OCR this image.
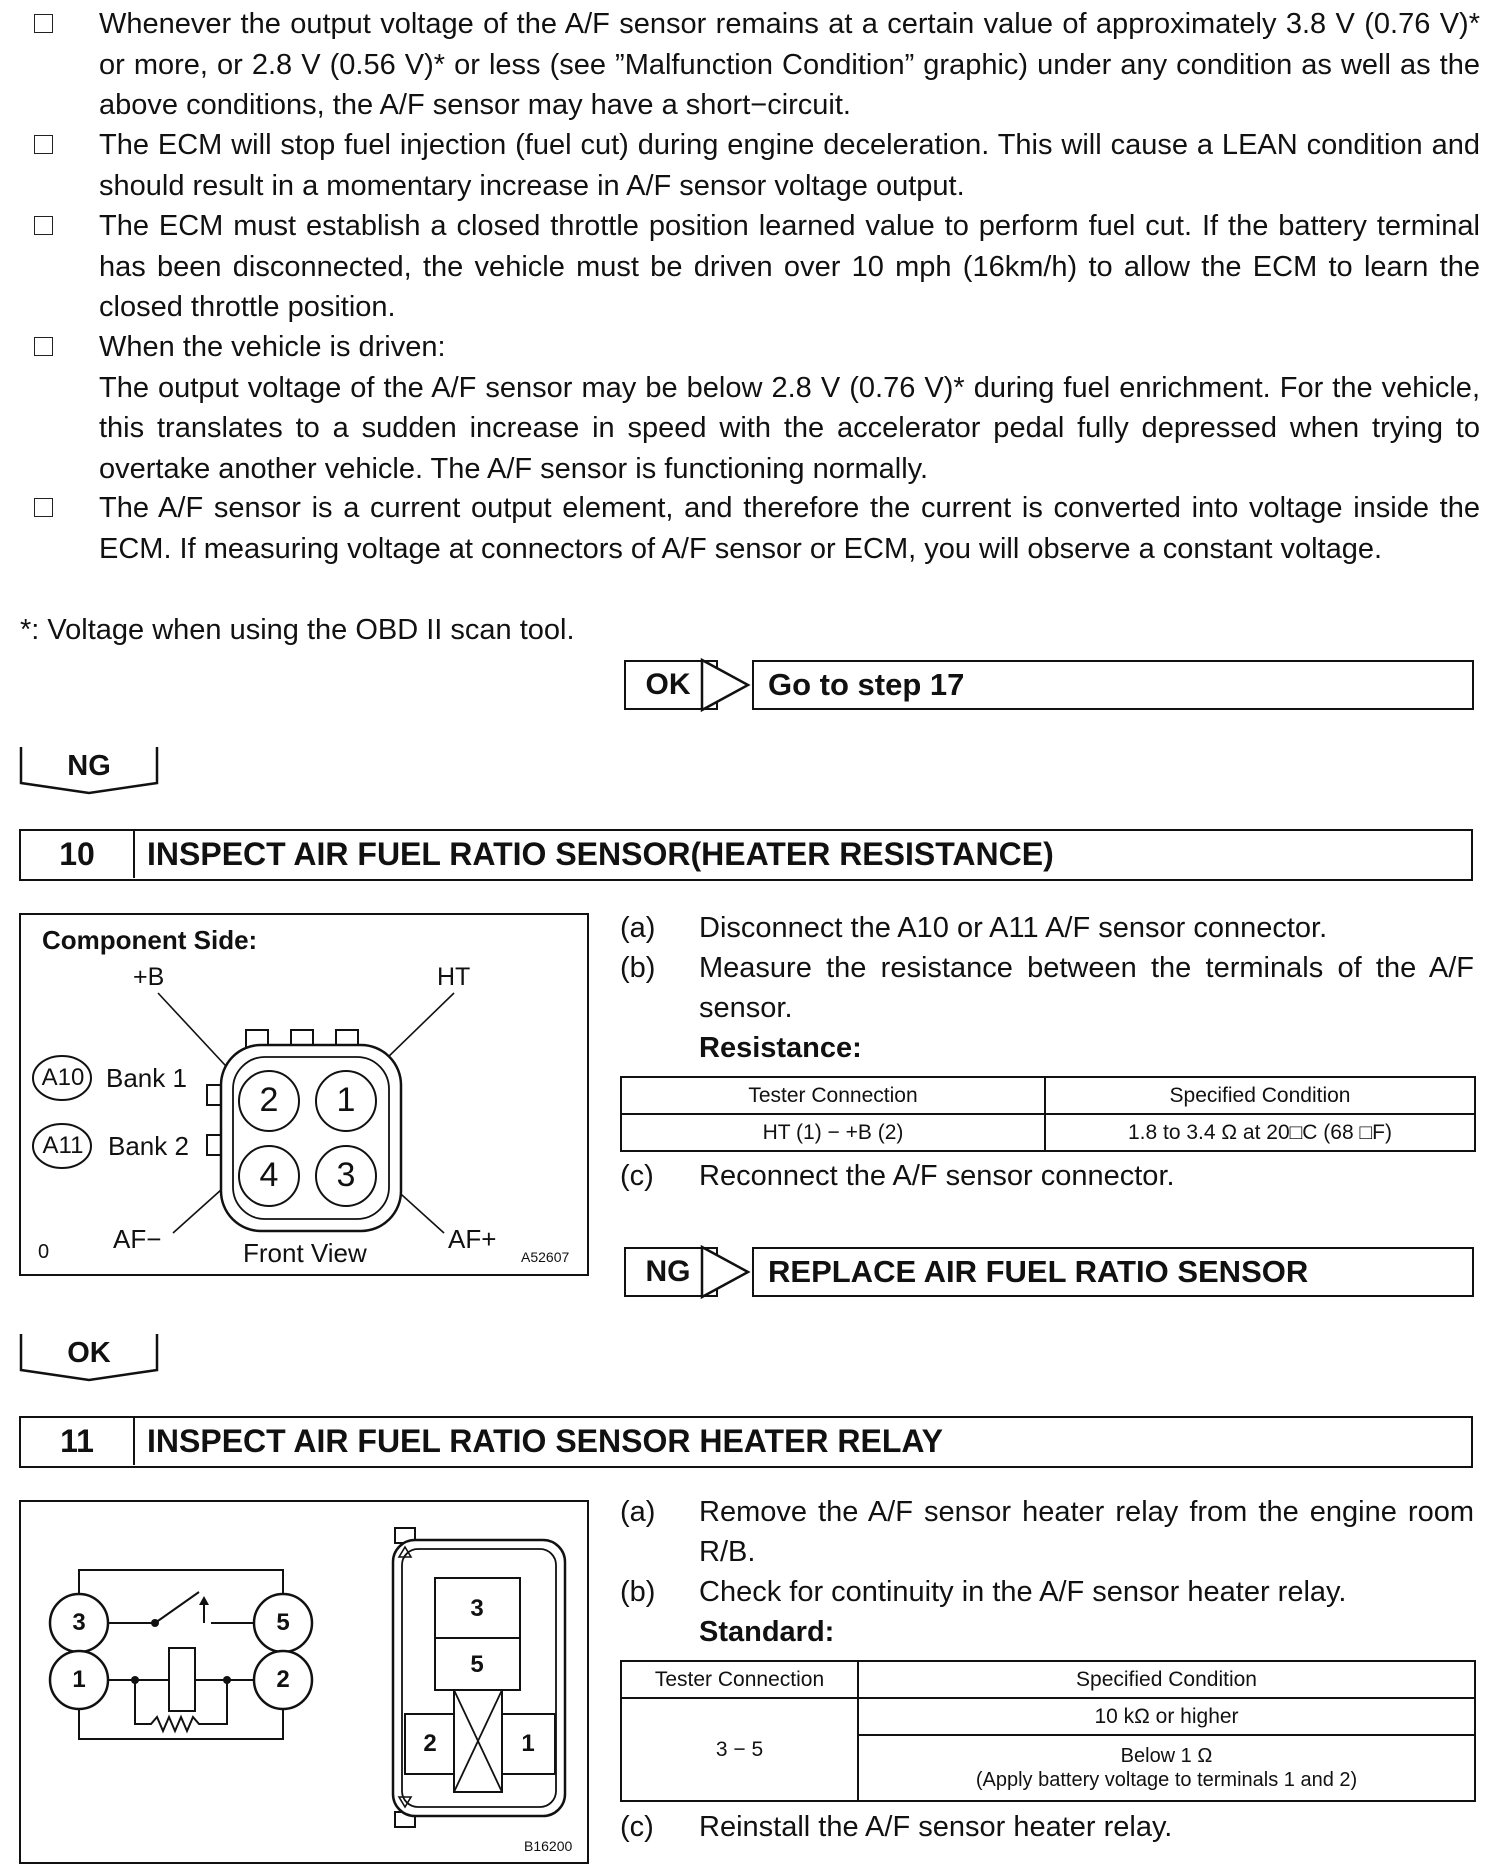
Whenever the output voltage of the A/F sensor remains at a certain value of approximately 3.8 V (0.76 V)* or more, or 2.8 V (0.56 V)* or less (see ”Malfunction Condition” graphic) under any condition as well as the above conditions, the A/F sensor may have a short−circuit.

The ECM will stop fuel injection (fuel cut) during engine deceleration. This will cause a LEAN condition and should result in a momentary increase in A/F sensor voltage output.

The ECM must establish a closed throttle position learned value to perform fuel cut. If the battery terminal has been disconnected, the vehicle must be driven over 10 mph (16km/h) to allow the ECM to learn the closed throttle position.

When the vehicle is driven:

The output voltage of the A/F sensor may be below 2.8 V (0.76 V)* during fuel enrichment. For the vehicle, this translates to a sudden increase in speed with the accelerator pedal fully depressed when trying to overtake another vehicle. The A/F sensor is functioning normally.

The A/F sensor is a current output element, and therefore the current is converted into voltage inside the ECM. If measuring voltage at connectors of A/F sensor or ECM, you will observe a constant voltage.

*: Voltage when using the OBD II scan tool.
OK	Go to step 17
NG
10	INSPECT AIR FUEL RATIO SENSOR(HEATER RESISTANCE)
Component Side:
+B	HT
A10 Bank 1
A11 Bank 2
2	1
4	3
AF−	Front View	AF+
0	A52607
(a)	Disconnect the A10 or A11 A/F sensor connector.
(b)	Measure the resistance between the terminals of the A/F sensor.
Resistance:
Tester Connection	Specified Condition
HT (1) − +B (2)	1.8 to 3.4 Ω at 20□C (68 □F)
(c)	Reconnect the A/F sensor connector.
NG	REPLACE AIR FUEL RATIO SENSOR
OK
11	INSPECT AIR FUEL RATIO SENSOR HEATER RELAY
3	5
1	2
3
5
2	1
B16200
(a)	Remove the A/F sensor heater relay from the engine room R/B.
(b)	Check for continuity in the A/F sensor heater relay.
Standard:
Tester Connection	Specified Condition
3 − 5	10 kΩ or higher

	Below 1 Ω
(Apply battery voltage to terminals 1 and 2)
(c)	Reinstall the A/F sensor heater relay.
